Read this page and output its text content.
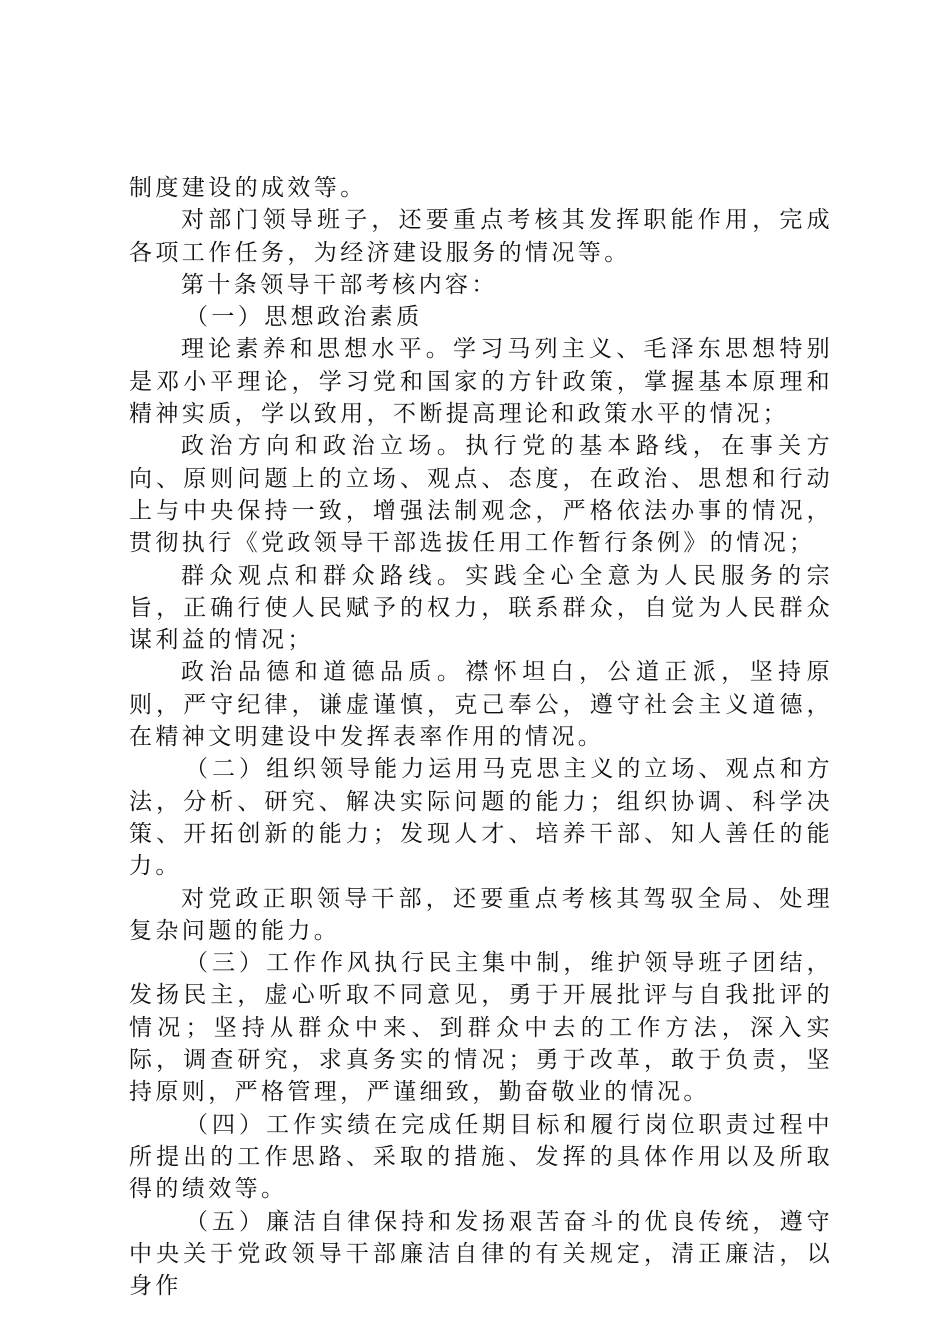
制度建设的成效等。

对部门领导班子，还要重点考核其发挥职能作用，完成各项工作任务，为经济建设服务的情况等。

第十条领导干部考核内容：

（一）思想政治素质

理论素养和思想水平。学习马列主义、毛泽东思想特别是邓小平理论，学习党和国家的方针政策，掌握基本原理和精神实质，学以致用，不断提高理论和政策水平的情况；

政治方向和政治立场。执行党的基本路线，在事关方向、原则问题上的立场、观点、态度，在政治、思想和行动上与中央保持一致，增强法制观念，严格依法办事的情况，贯彻执行《党政领导干部选拔任用工作暂行条例》的情况；

群众观点和群众路线。实践全心全意为人民服务的宗旨，正确行使人民赋予的权力，联系群众，自觉为人民群众谋利益的情况；

政治品德和道德品质。襟怀坦白，公道正派，坚持原则，严守纪律，谦虚谨慎，克己奉公，遵守社会主义道德，在精神文明建设中发挥表率作用的情况。

（二）组织领导能力运用马克思主义的立场、观点和方法，分析、研究、解决实际问题的能力；组织协调、科学决策、开拓创新的能力；发现人才、培养干部、知人善任的能力。

对党政正职领导干部，还要重点考核其驾驭全局、处理复杂问题的能力。

（三）工作作风执行民主集中制，维护领导班子团结，发扬民主，虚心听取不同意见，勇于开展批评与自我批评的情况；坚持从群众中来、到群众中去的工作方法，深入实际，调查研究，求真务实的情况；勇于改革，敢于负责，坚持原则，严格管理，严谨细致，勤奋敬业的情况。

（四）工作实绩在完成任期目标和履行岗位职责过程中所提出的工作思路、采取的措施、发挥的具体作用以及所取得的绩效等。

（五）廉洁自律保持和发扬艰苦奋斗的优良传统，遵守中央关于党政领导干部廉洁自律的有关规定，清正廉洁，以身作
